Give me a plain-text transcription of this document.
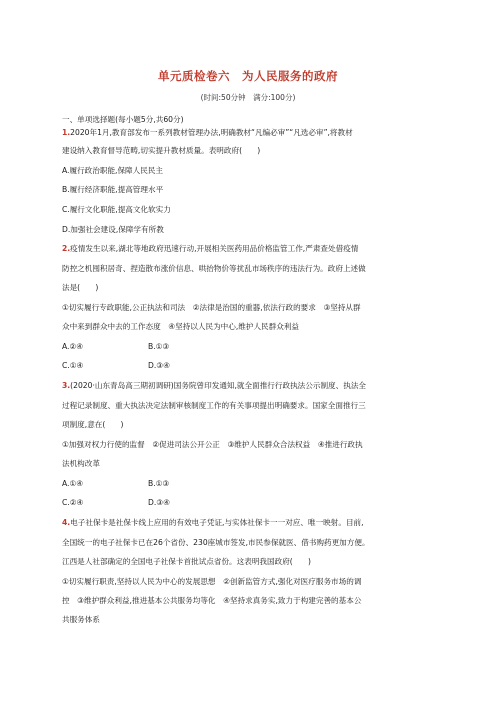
单元质检卷六　为人民服务的政府
(时间:50分钟　满分:100分)
一、单项选择题(每小题5分,共60分)
1.2020年1月,教育部发布一系列教材管理办法,明确教材“凡编必审”“凡选必审”,将教材
建设纳入教育督导范畴,切实提升教材质量。表明政府(　　)
A.履行政治职能,保障人民民主
B.履行经济职能,提高管理水平
C.履行文化职能,提高文化软实力
D.加强社会建设,保障学有所教
2.疫情发生以来,湖北等地政府迅速行动,开展相关医药用品价格监管工作,严肃查处借疫情
防控之机囤积居奇、捏造散布涨价信息、哄抬物价等扰乱市场秩序的违法行为。政府上述做
法是(　　)
①切实履行专政职能,公正执法和司法　②法律是治国的重器,依法行政的要求　③坚持从群
众中来到群众中去的工作态度　④坚持以人民为中心,维护人民群众利益
A.②④	B.①③
C.①④	D.③④
3.(2020·山东青岛高三期初调研)国务院曾印发通知,就全面推行行政执法公示制度、执法全
过程记录制度、重大执法决定法制审核制度工作的有关事项提出明确要求。国家全面推行三
项制度,意在(　　)
①加强对权力行使的监督　②促进司法公开公正　③维护人民群众合法权益　④推进行政执
法机构改革
A.①④	B.①③
C.②④	D.③④
4.电子社保卡是社保卡线上应用的有效电子凭证,与实体社保卡一一对应、唯一映射。目前,
全国统一的电子社保卡已在26个省份、230座城市签发,市民参保就医、借书购药更加方便。
江西是人社部确定的全国电子社保卡首批试点省份。这表明我国政府(　　)
①切实履行职责,坚持以人民为中心的发展思想　②创新监管方式,强化对医疗服务市场的调
控　③维护群众利益,推进基本公共服务均等化　④坚持求真务实,致力于构建完善的基本公
共服务体系
